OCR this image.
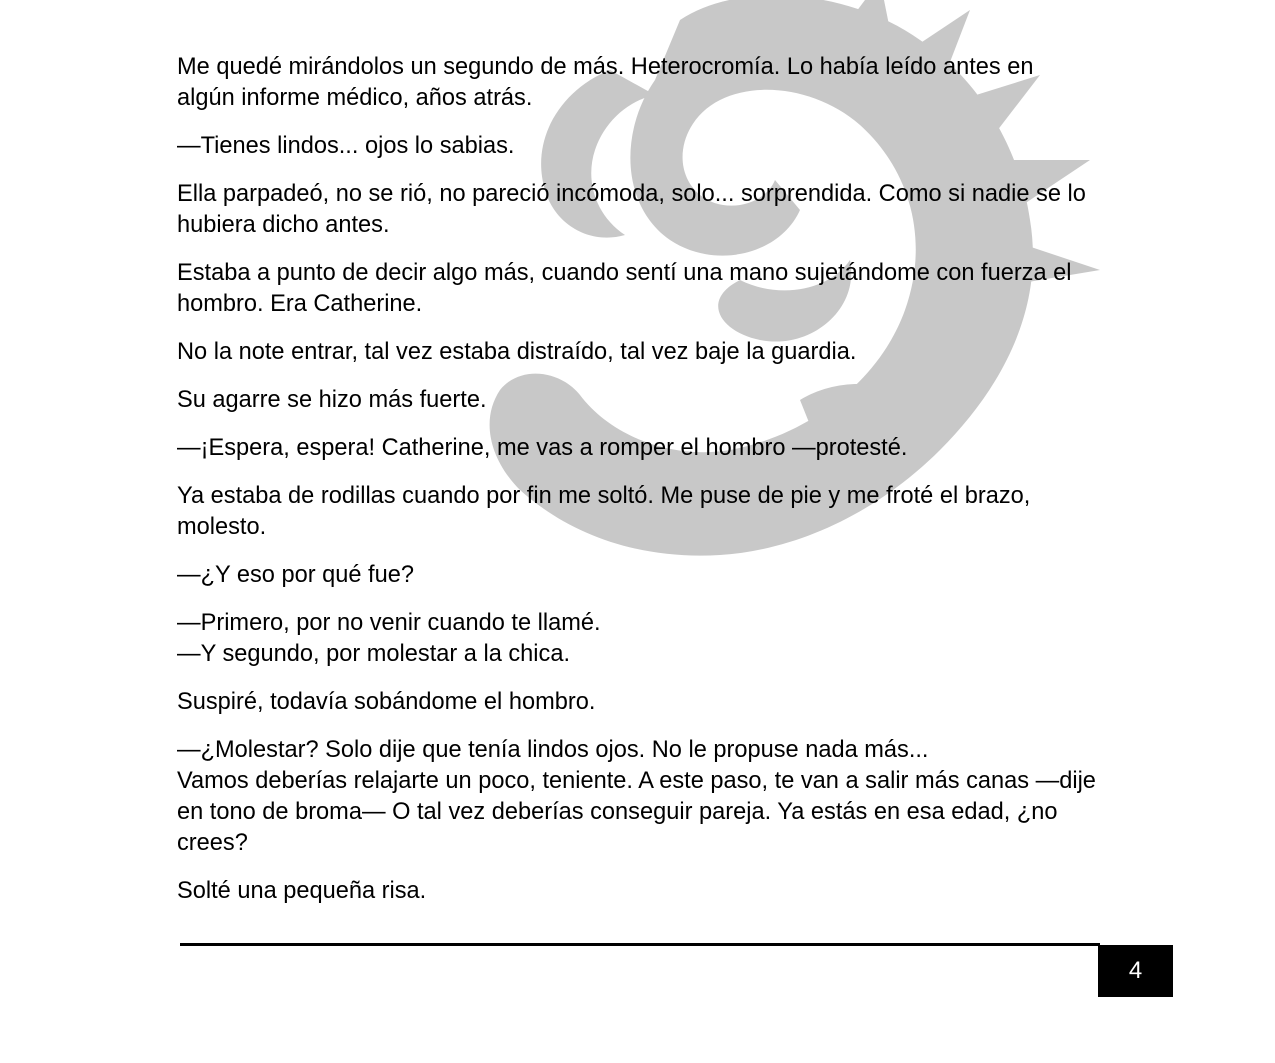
Me quedé mirándolos un segundo de más. Heterocromía. Lo había leído antes en algún informe médico, años atrás.

—Tienes lindos... ojos lo sabias.

Ella parpadeó, no se rió, no pareció incómoda, solo... sorprendida. Como si nadie se lo hubiera dicho antes.

Estaba a punto de decir algo más, cuando sentí una mano sujetándome con fuerza el hombro. Era Catherine.

No la note entrar, tal vez estaba distraído, tal vez baje la guardia.

Su agarre se hizo más fuerte.

—¡Espera, espera! Catherine, me vas a romper el hombro —protesté.

Ya estaba de rodillas cuando por fin me soltó. Me puse de pie y me froté el brazo, molesto.

—¿Y eso por qué fue?

—Primero, por no venir cuando te llamé.
—Y segundo, por molestar a la chica.

Suspiré, todavía sobándome el hombro.

—¿Molestar? Solo dije que tenía lindos ojos. No le propuse nada más...
Vamos deberías relajarte un poco, teniente. A este paso, te van a salir más canas —dije en tono de broma— O tal vez deberías conseguir pareja. Ya estás en esa edad, ¿no crees?

Solté una pequeña risa.

4
